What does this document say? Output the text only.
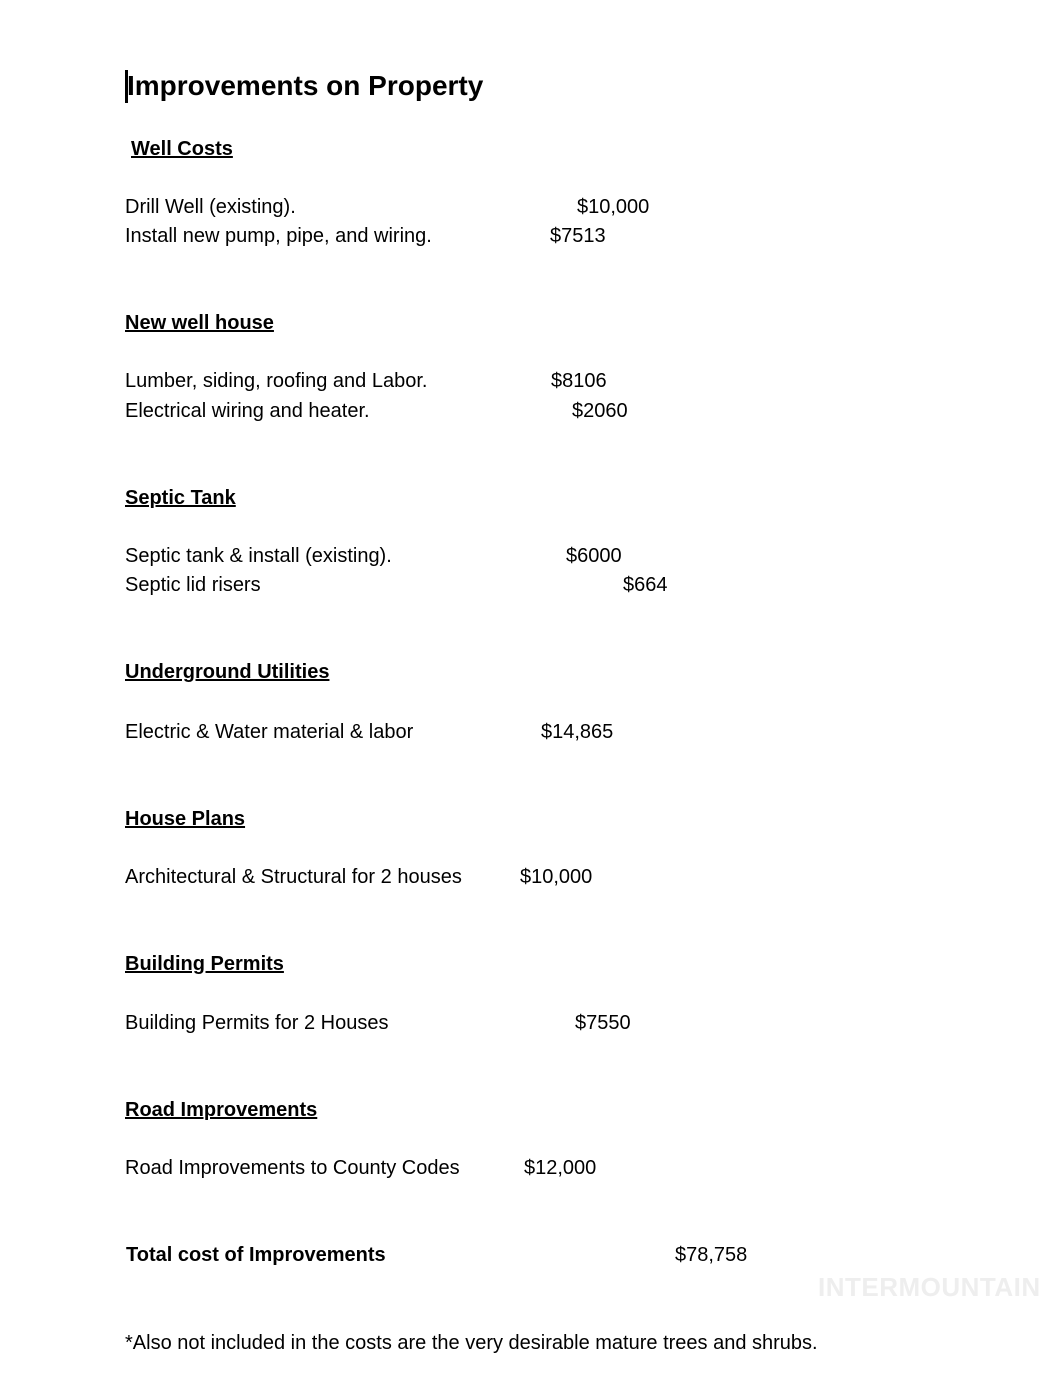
Improvements on Property
Well Costs
Drill Well (existing).	$10,000
Install new pump, pipe, and wiring.	$7513
New well house
Lumber, siding, roofing and Labor.	$8106
Electrical wiring and heater.	$2060
Septic Tank
Septic tank & install (existing).	$6000
Septic lid risers	$664
Underground Utilities
Electric & Water material & labor	$14,865
House Plans
Architectural & Structural for 2 houses	$10,000
Building Permits
Building Permits for 2 Houses	$7550
Road Improvements
Road Improvements to County Codes	$12,000
Total cost of Improvements	$78,758
INTERMOUNTAIN
*Also not included in the costs are the very desirable mature trees and shrubs.
